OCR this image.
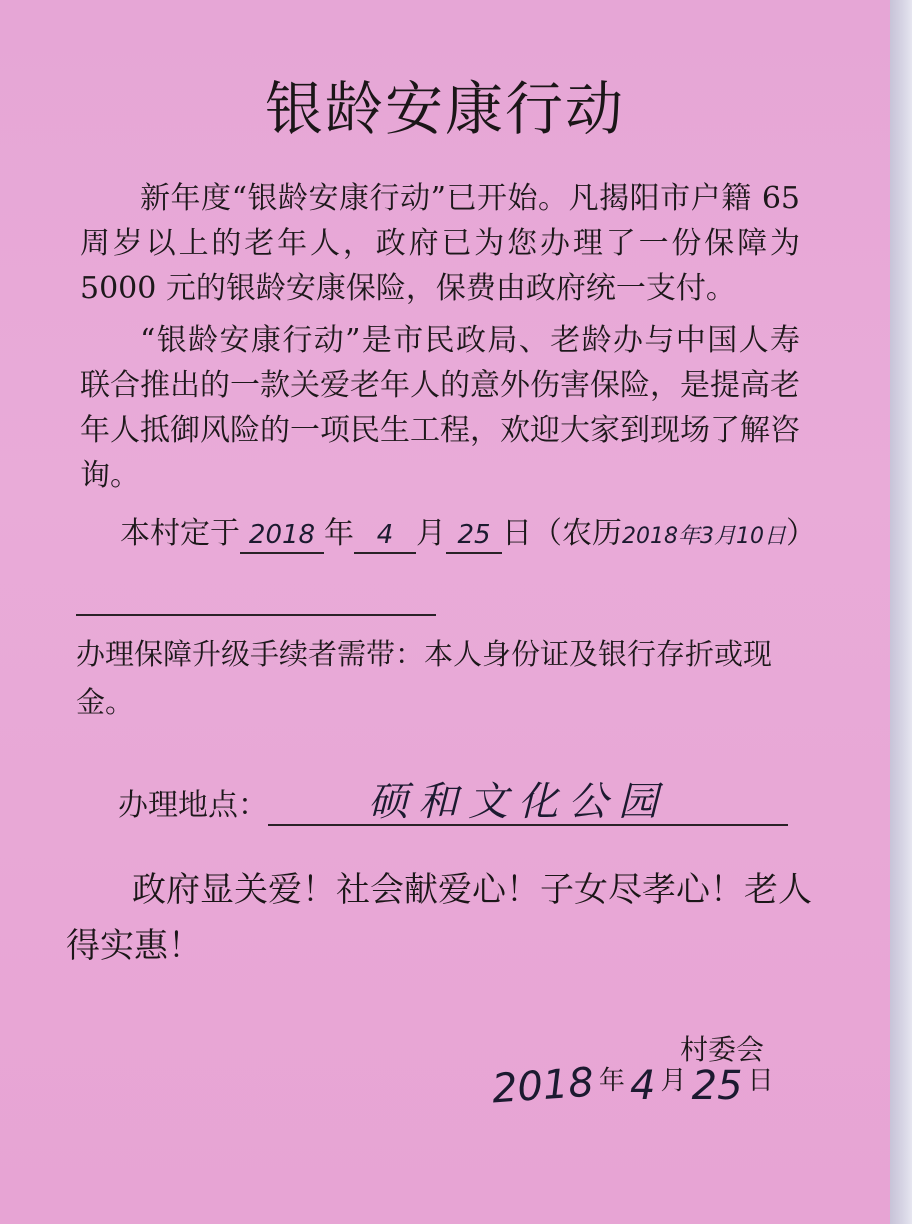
银龄安康行动

新年度“银龄安康行动”已开始。凡揭阳市户籍 65 周岁以上的老年人，政府已为您办理了一份保障为 5000 元的银龄安康保险，保费由政府统一支付。

“银龄安康行动”是市民政局、老龄办与中国人寿联合推出的一款关爱老年人的意外伤害保险，是提高老年人抵御风险的一项民生工程，欢迎大家到现场了解咨询。

本村定于 2018 年 4 月 25 日（农历2018年3月10日）

办理保障升级手续者需带：本人身份证及银行存折或现金。

办理地点：	硕和文化公园

政府显关爱！社会献爱心！子女尽孝心！老人得实惠！

村委会
2018 年 4 月 25 日
